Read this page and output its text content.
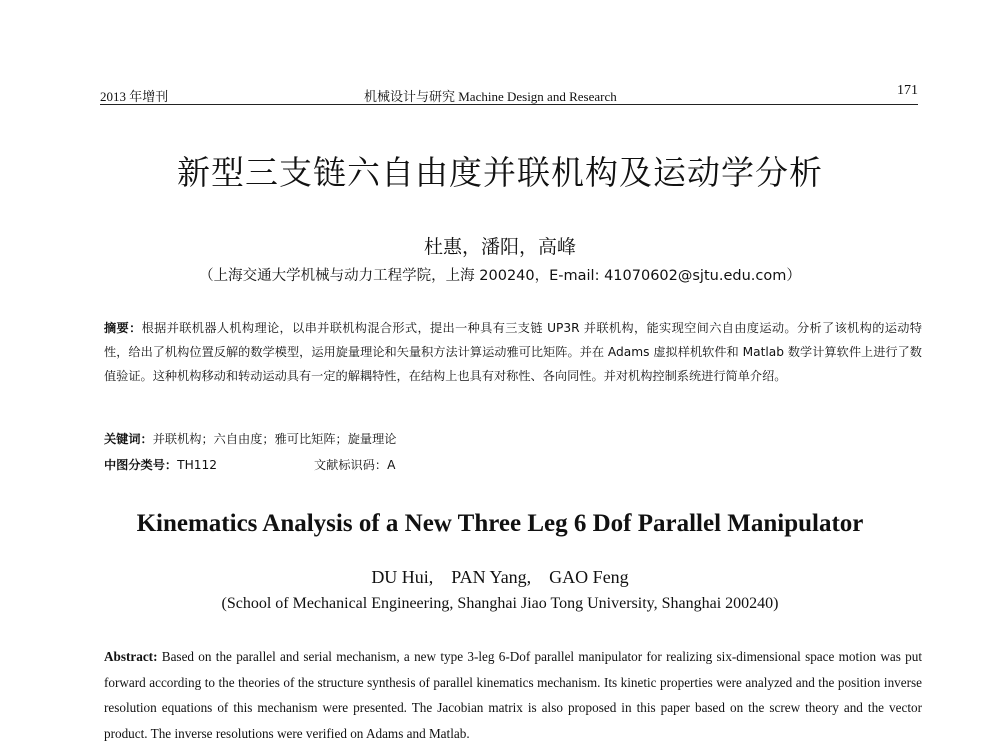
2013 年增刊	机械设计与研究 Machine Design and Research	171
新型三支链六自由度并联机构及运动学分析
杜惠，潘阳，高峰
（上海交通大学机械与动力工程学院，上海 200240，E-mail: 41070602@sjtu.edu.com）
摘要：根据并联机器人机构理论，以串并联机构混合形式，提出一种具有三支链 UP3R 并联机构，能实现空间六自由度运动。分析了该机构的运动特性，给出了机构位置反解的数学模型，运用旋量理论和矢量积方法计算运动雅可比矩阵。并在 Adams 虚拟样机软件和 Matlab 数学计算软件上进行了数值验证。这种机构移动和转动运动具有一定的解耦特性，在结构上也具有对称性、各向同性。并对机构控制系统进行简单介绍。
关键词：并联机构；六自由度；雅可比矩阵；旋量理论
中图分类号：TH112	文献标识码：A
Kinematics Analysis of a New Three Leg 6 Dof Parallel Manipulator
DU Hui,    PAN Yang,    GAO Feng
(School of Mechanical Engineering, Shanghai Jiao Tong University, Shanghai 200240)
Abstract: Based on the parallel and serial mechanism, a new type 3-leg 6-Dof parallel manipulator for realizing six-dimensional space motion was put forward according to the theories of the structure synthesis of parallel kinematics mechanism. Its kinetic properties were analyzed and the position inverse resolution equations of this mechanism were presented. The Jacobian matrix is also proposed in this paper based on the screw theory and the vector product. The inverse resolutions were verified on Adams and Matlab.
